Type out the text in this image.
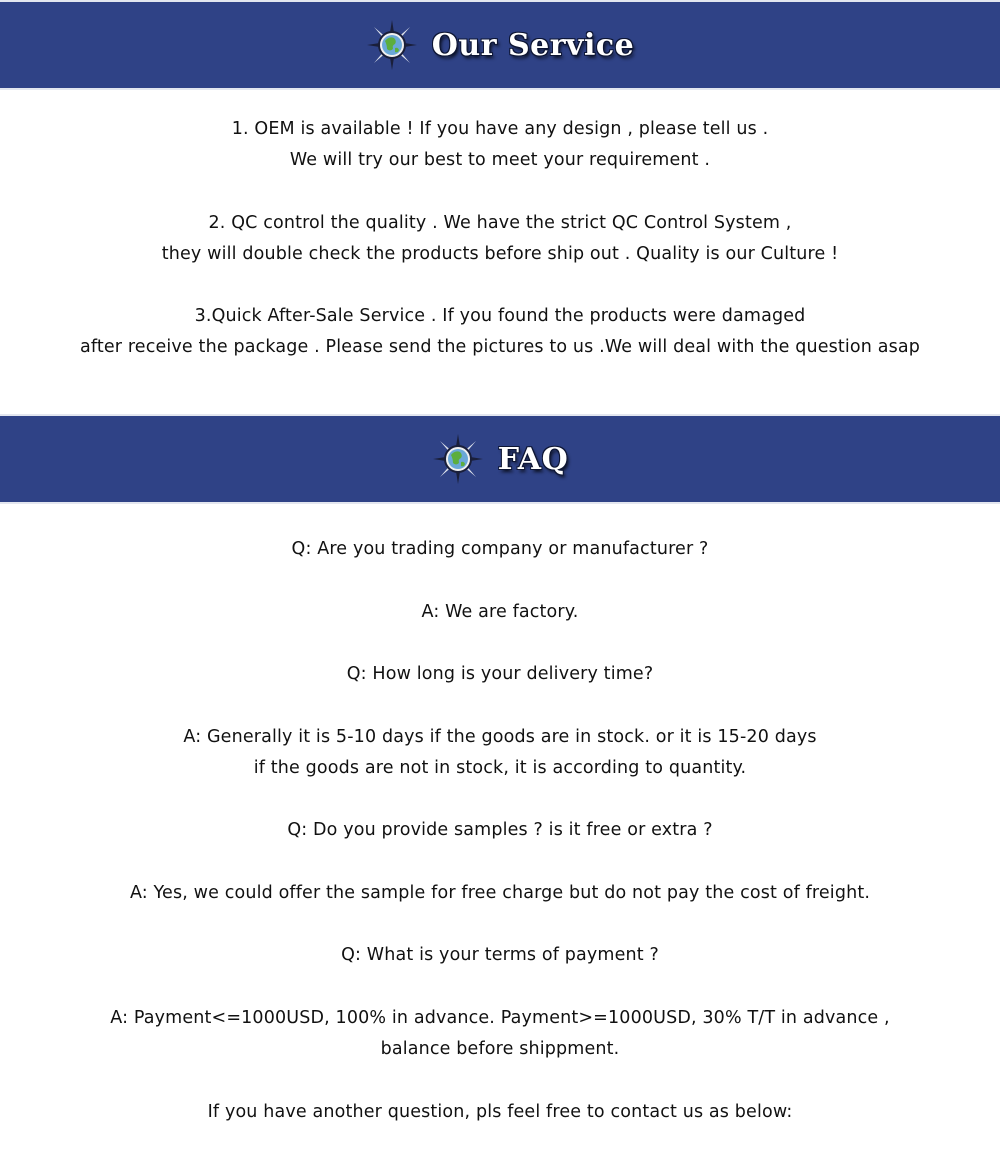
Our Service
1. OEM is available ! If you have any design , please tell us .
We will try our best to meet your requirement .
2. QC control the quality . We have the strict QC Control System ,
they will double check the products before ship out . Quality is our Culture !
3.Quick After-Sale Service . If you found the products were damaged
after receive the package . Please send the pictures to us .We will deal with the question asap
FAQ
Q: Are you trading company or manufacturer ?
A: We are factory.
Q: How long is your delivery time?
A: Generally it is 5-10 days if the goods are in stock. or it is 15-20 days
if the goods are not in stock, it is according to quantity.
Q: Do you provide samples ? is it free or extra ?
A: Yes, we could offer the sample for free charge but do not pay the cost of freight.
Q: What is your terms of payment ?
A: Payment<=1000USD, 100% in advance. Payment>=1000USD, 30% T/T in advance ,
balance before shippment.
If you have another question, pls feel free to contact us as below:
